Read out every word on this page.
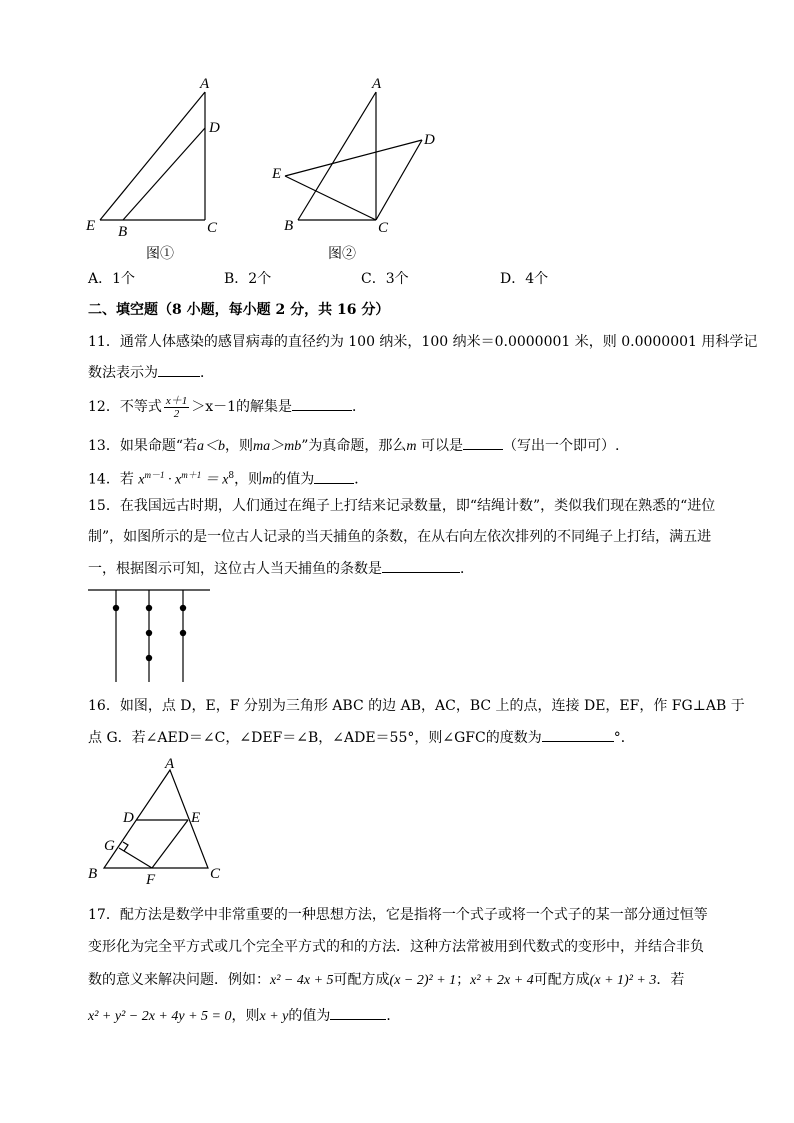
A
D
E B	C
图①
A
D
E
B	C
图②
A．1个	B．2个	C．3个	D．4个
二、填空题（8 小题，每小题 2 分，共 16 分）
11．通常人体感染的感冒病毒的直径约为 100 纳米，100 纳米＝0.0000001 米，则 0.0000001 用科学记
数法表示为	．
12．不等式 $\frac{x+1}{2} >x-1$的解集是	．
13．如果命题“若a＜b，则ma＞mb”为真命题，那么m 可以是	（写出一个即可）.
14．若 $x^{m-1} \cdot x^{m+1} = x^8$，则m的值为	．
15．在我国远古时期，人们通过在绳子上打结来记录数量，即“结绳计数”，类似我们现在熟悉的“进位
制”，如图所示的是一位古人记录的当天捕鱼的条数，在从右向左依次排列的不同绳子上打结，满五进
一，根据图示可知，这位古人当天捕鱼的条数是	．
16．如图，点 D，E，F 分别为三角形 ABC 的边 AB，AC，BC 上的点，连接 DE，EF，作 FG⊥AB 于
点 G．若∠AED＝∠C，∠DEF＝∠B，∠ADE＝55°，则∠GFC的度数为	°．
A
D	E
G
B	F	C
17．配方法是数学中非常重要的一种思想方法，它是指将一个式子或将一个式子的某一部分通过恒等
变形化为完全平方式或几个完全平方式的和的方法．这种方法常被用到代数式的变形中，并结合非负
数的意义来解决问题．例如：x² − 4x + 5可配方成(x − 2)² + 1；x² + 2x + 4可配方成(x + 1)² + 3．若
x² + y² − 2x + 4y + 5 = 0，则x + y的值为	．
